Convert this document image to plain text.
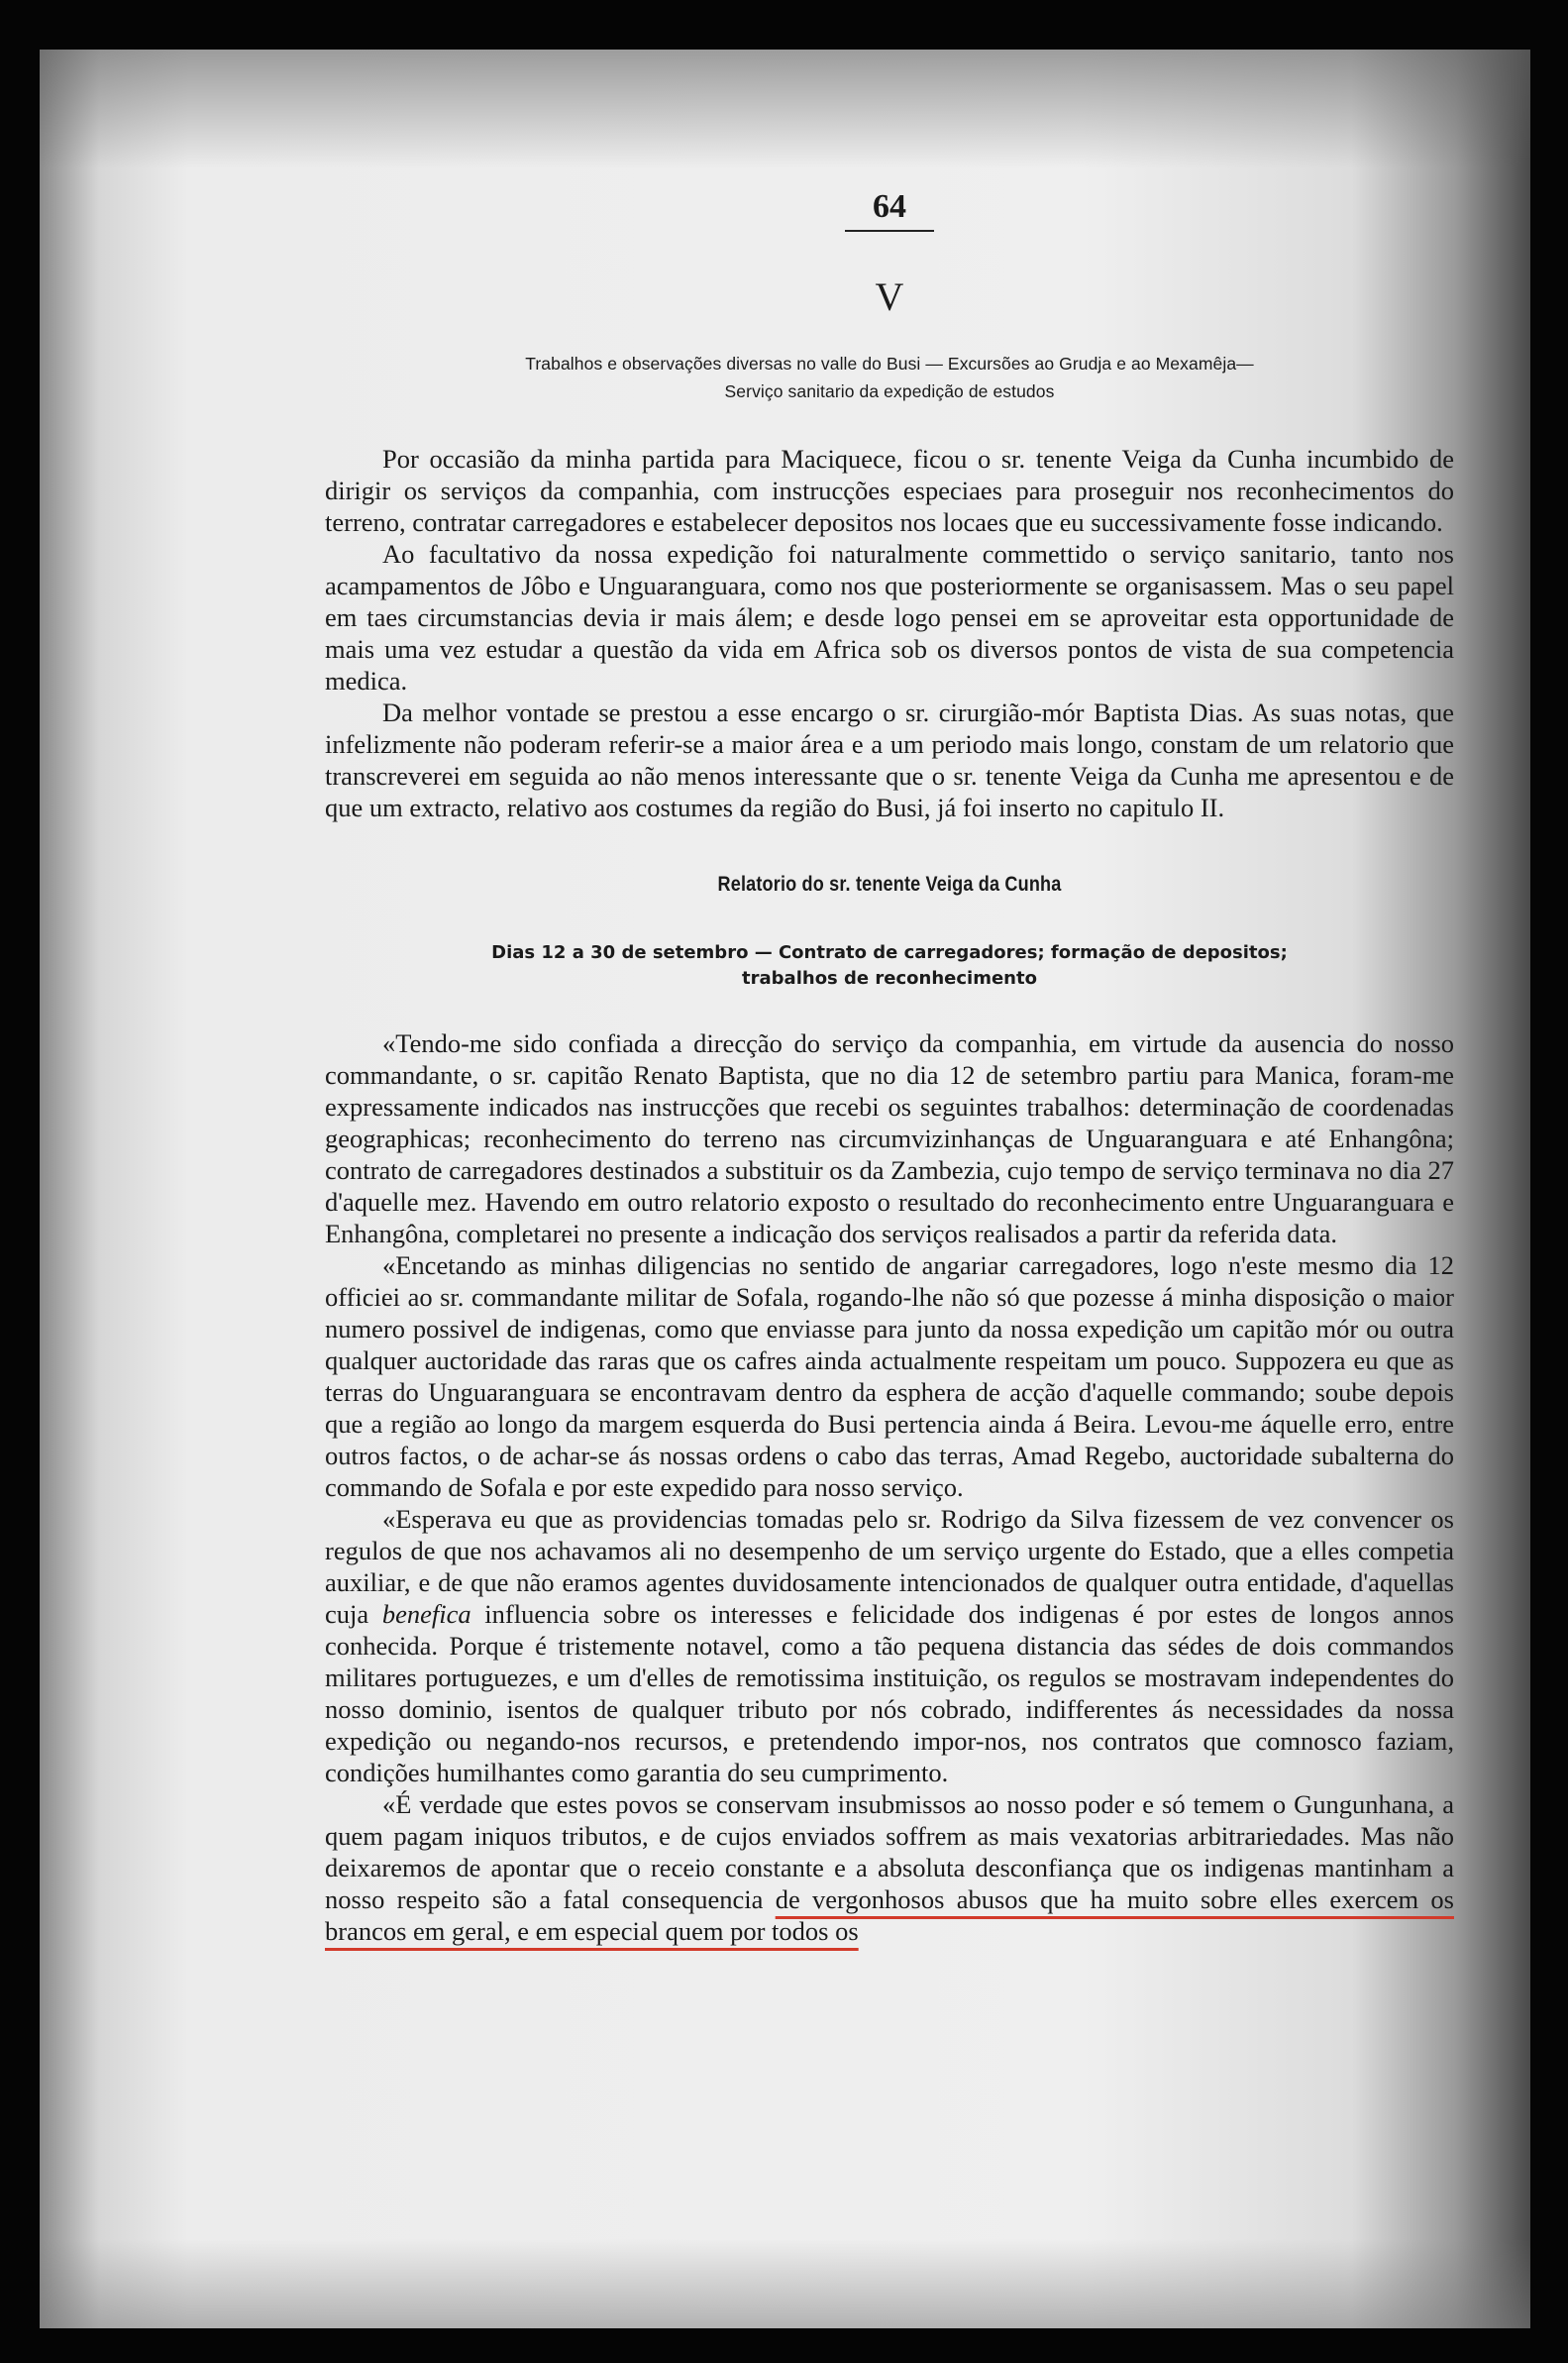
64
V
Trabalhos e observações diversas no valle do Busi — Excursões ao Grudja e ao Mexamêja—
Serviço sanitario da expedição de estudos

Por occasião da minha partida para Maciquece, ficou o sr. tenente Veiga da Cunha incumbido de dirigir os serviços da companhia, com instrucções especiaes para proseguir nos reconhecimentos do terreno, contratar carregadores e estabelecer depositos nos locaes que eu successivamente fosse indicando.

Ao facultativo da nossa expedição foi naturalmente commettido o serviço sanitario, tanto nos acampamentos de Jôbo e Unguaranguara, como nos que posteriormente se organisassem. Mas o seu papel em taes circumstancias devia ir mais álem; e desde logo pensei em se aproveitar esta opportunidade de mais uma vez estudar a questão da vida em Africa sob os diversos pontos de vista de sua competencia medica.

Da melhor vontade se prestou a esse encargo o sr. cirurgião-mór Baptista Dias. As suas notas, que infelizmente não poderam referir-se a maior área e a um periodo mais longo, constam de um relatorio que transcreverei em seguida ao não menos interessante que o sr. tenente Veiga da Cunha me apresentou e de que um extracto, relativo aos costumes da região do Busi, já foi inserto no capitulo II.

Relatorio do sr. tenente Veiga da Cunha
Dias 12 a 30 de setembro — Contrato de carregadores; formação de depositos;
trabalhos de reconhecimento

«Tendo-me sido confiada a direcção do serviço da companhia, em virtude da ausencia do nosso commandante, o sr. capitão Renato Baptista, que no dia 12 de setembro partiu para Manica, foram-me expressamente indicados nas instrucções que recebi os seguintes trabalhos: determinação de coordenadas geographicas; reconhecimento do terreno nas circumvizinhanças de Unguaranguara e até Enhangôna; contrato de carregadores destinados a substituir os da Zambezia, cujo tempo de serviço terminava no dia 27 d'aquelle mez. Havendo em outro relatorio exposto o resultado do reconhecimento entre Unguaranguara e Enhangôna, completarei no presente a indicação dos serviços realisados a partir da referida data.

«Encetando as minhas diligencias no sentido de angariar carregadores, logo n'este mesmo dia 12 officiei ao sr. commandante militar de Sofala, rogando-lhe não só que pozesse á minha disposição o maior numero possivel de indigenas, como que enviasse para junto da nossa expedição um capitão mór ou outra qualquer auctoridade das raras que os cafres ainda actualmente respeitam um pouco. Suppozera eu que as terras do Unguaranguara se encontravam dentro da esphera de acção d'aquelle commando; soube depois que a região ao longo da margem esquerda do Busi pertencia ainda á Beira. Levou-me áquelle erro, entre outros factos, o de achar-se ás nossas ordens o cabo das terras, Amad Regebo, auctoridade subalterna do commando de Sofala e por este expedido para nosso serviço.

«Esperava eu que as providencias tomadas pelo sr. Rodrigo da Silva fizessem de vez convencer os regulos de que nos achavamos ali no desempenho de um serviço urgente do Estado, que a elles competia auxiliar, e de que não eramos agentes duvidosamente intencionados de qualquer outra entidade, d'aquellas cuja benefica influencia sobre os interesses e felicidade dos indigenas é por estes de longos annos conhecida. Porque é tristemente notavel, como a tão pequena distancia das sédes de dois commandos militares portuguezes, e um d'elles de remotissima instituição, os regulos se mostravam independentes do nosso dominio, isentos de qualquer tributo por nós cobrado, indifferentes ás necessidades da nossa expedição ou negando-nos recursos, e pretendendo impor-nos, nos contratos que comnosco faziam, condições humilhantes como garantia do seu cumprimento.

«É verdade que estes povos se conservam insubmissos ao nosso poder e só temem o Gungunhana, a quem pagam iniquos tributos, e de cujos enviados soffrem as mais vexatorias arbitrariedades. Mas não deixaremos de apontar que o receio constante e a absoluta desconfiança que os indigenas mantinham a nosso respeito são a fatal consequencia de vergonhosos abusos que ha muito sobre elles exercem os brancos em geral, e em especial quem por todos os
